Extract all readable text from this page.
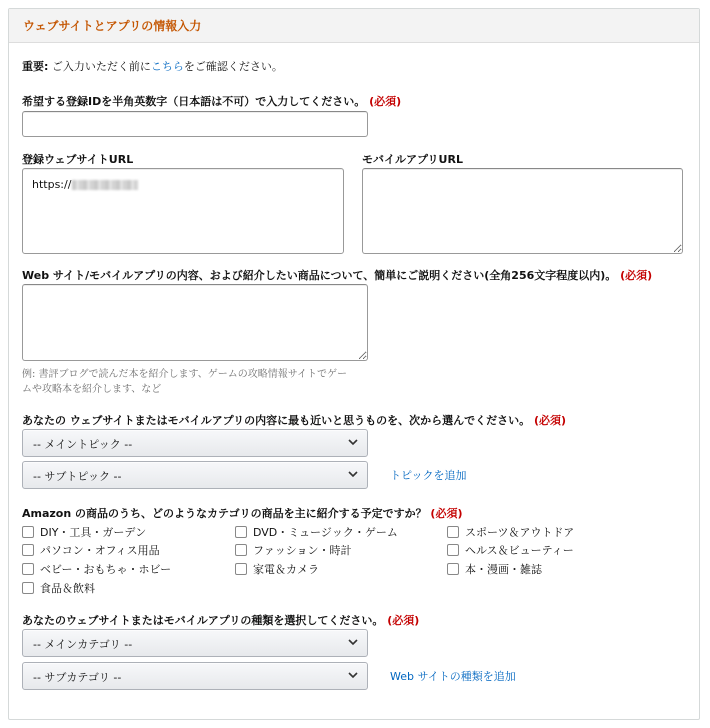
ウェブサイトとアプリの情報入力
重要: ご入力いただく前にこちらをご確認ください。
希望する登録IDを半角英数字（日本語は不可）で入力してください。 (必須)
登録ウェブサイトURL	モバイルアプリURL
https://
Web サイト/モバイルアプリの内容、および紹介したい商品について、簡単にご説明ください(全角256文字程度以内)。 (必須)
例: 書評ブログで読んだ本を紹介します、ゲームの攻略情報サイトでゲー
ムや攻略本を紹介します、など
あなたの ウェブサイトまたはモバイルアプリの内容に最も近いと思うものを、次から選んでください。 (必須)
-- メイントピック --
-- サブトピック --	トピックを追加
Amazon の商品のうち、どのようなカテゴリの商品を主に紹介する予定ですか？ (必須)
DIY・工具・ガーデン	DVD・ミュージック・ゲーム	スポーツ＆アウトドア
パソコン・オフィス用品	ファッション・時計	ヘルス＆ビューティー
ベビー・おもちゃ・ホビー	家電＆カメラ	本・漫画・雑誌
食品＆飲料
あなたのウェブサイトまたはモバイルアプリの種類を選択してください。 (必須)
-- メインカテゴリ --
-- サブカテゴリ --	Web サイトの種類を追加
